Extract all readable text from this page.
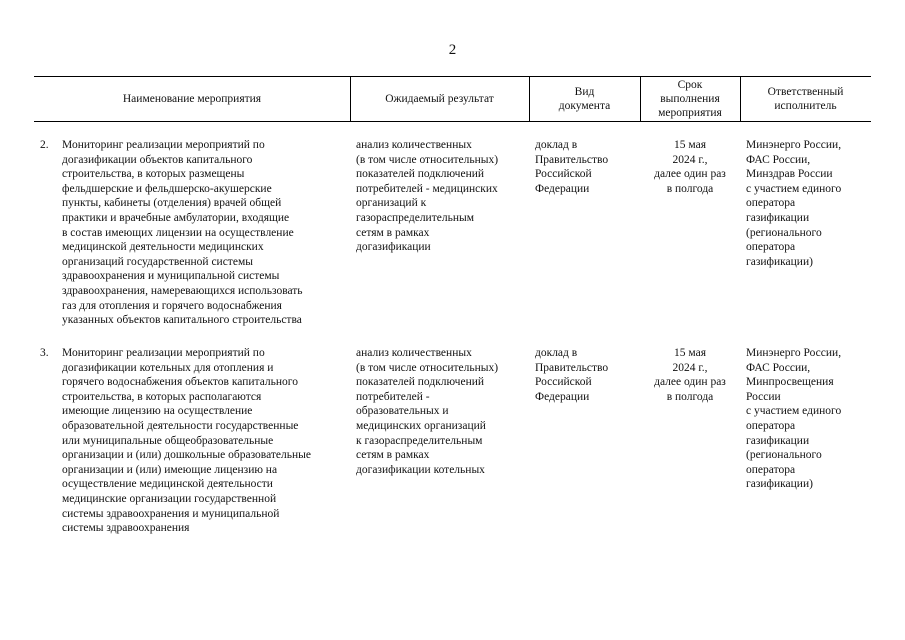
2
Наименование мероприятия	Ожидаемый результат
Вид
документа
Срок
выполнения
мероприятия
Ответственный
исполнитель
2. Мониторинг реализации мероприятий по
догазификации объектов капитального
строительства, в которых размещены
фельдшерские и фельдшерско-акушерские
пункты, кабинеты (отделения) врачей общей
практики и врачебные амбулатории, входящие
в состав имеющих лицензии на осуществление
медицинской деятельности медицинских
организаций государственной системы
здравоохранения и муниципальной системы
здравоохранения, намеревающихся использовать
газ для отопления и горячего водоснабжения
указанных объектов капитального строительства
анализ количественных
(в том числе относительных)
показателей подключений
потребителей - медицинских
организаций к
газораспределительным
сетям в рамках
догазификации
доклад в
Правительство
Российской
Федерации
15 мая
2024 г.,
далее один раз
в полгода
Минэнерго России,
ФАС России,
Минздрав России
с участием единого
оператора
газификации
(регионального
оператора
газификации)
3. Мониторинг реализации мероприятий по
догазификации котельных для отопления и
горячего водоснабжения объектов капитального
строительства, в которых располагаются
имеющие лицензию на осуществление
образовательной деятельности государственные
или муниципальные общеобразовательные
организации и (или) дошкольные образовательные
организации и (или) имеющие лицензию на
осуществление медицинской деятельности
медицинские организации государственной
системы здравоохранения и муниципальной
системы здравоохранения
анализ количественных
(в том числе относительных)
показателей подключений
потребителей -
образовательных и
медицинских организаций
к газораспределительным
сетям в рамках
догазификации котельных
доклад в
Правительство
Российской
Федерации
15 мая
2024 г.,
далее один раз
в полгода
Минэнерго России,
ФАС России,
Минпросвещения
России
с участием единого
оператора
газификации
(регионального
оператора
газификации)
